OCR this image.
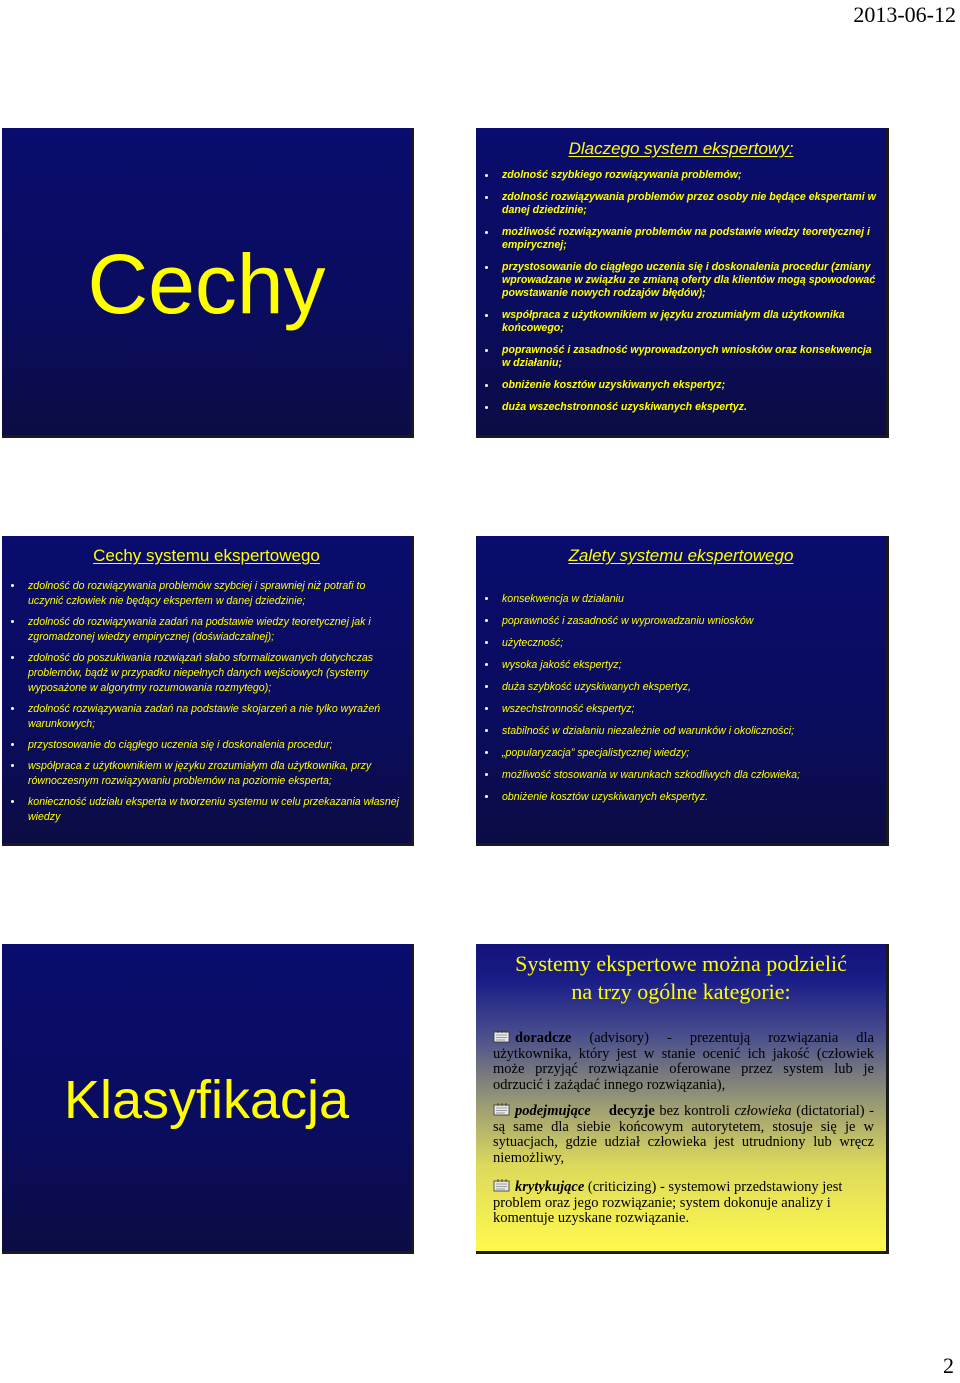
2013-06-12
Cechy
Dlaczego system ekspertowy:
zdolność szybkiego rozwiązywania problemów;
zdolność rozwiązywania problemów przez osoby nie będące ekspertami w danej dziedzinie;
możliwość rozwiązywanie problemów na podstawie wiedzy teoretycznej i empirycznej;
przystosowanie do ciągłego uczenia się i doskonalenia procedur (zmiany wprowadzane w związku ze zmianą oferty dla klientów mogą spowodować powstawanie nowych rodzajów błędów);
współpraca z użytkownikiem w języku zrozumiałym dla użytkownika końcowego;
poprawność i zasadność wyprowadzonych wniosków oraz konsekwencja w działaniu;
obniżenie kosztów uzyskiwanych ekspertyz;
duża wszechstronność uzyskiwanych ekspertyz.
Cechy systemu ekspertowego
zdolność do rozwiązywania problemów szybciej i sprawniej niż potrafi to uczynić człowiek nie będący ekspertem w danej dziedzinie;
zdolność do rozwiązywania zadań na podstawie wiedzy teoretycznej jak i zgromadzonej wiedzy empirycznej (doświadczalnej);
zdolność do poszukiwania rozwiązań słabo sformalizowanych dotychczas problemów, bądź w przypadku niepełnych danych wejściowych (systemy wyposażone w algorytmy rozumowania rozmytego);
zdolność rozwiązywania zadań na podstawie skojarzeń a nie tylko wyrażeń warunkowych;
przystosowanie do ciągłego uczenia się i doskonalenia procedur;
współpraca z użytkownikiem w języku zrozumiałym dla użytkownika, przy równoczesnym rozwiązywaniu problemów na poziomie eksperta;
konieczność udziału eksperta w tworzeniu systemu w celu przekazania własnej wiedzy
Zalety systemu ekspertowego
konsekwencja w działaniu
poprawność i zasadność w wyprowadzaniu wniosków
użyteczność;
wysoka jakość ekspertyz;
duża szybkość uzyskiwanych ekspertyz,
wszechstronność ekspertyz;
stabilność w działaniu niezależnie od warunków i okoliczności;
„popularyzacja” specjalistycznej wiedzy;
możliwość stosowania w warunkach szkodliwych dla człowieka;
obniżenie kosztów uzyskiwanych ekspertyz.
Klasyfikacja
Systemy ekspertowe można podzielić
na trzy ogólne kategorie:
doradcze (advisory) - prezentują rozwiązania dla użytkownika, który jest w stanie ocenić ich jakość (człowiek może przyjąć rozwiązanie oferowane przez system lub je odrzucić i zażądać innego rozwiązania),
podejmujące decyzje bez kontroli człowieka (dictatorial) - są same dla siebie końcowym autorytetem, stosuje się je w sytuacjach, gdzie udział człowieka jest utrudniony lub wręcz niemożliwy,
krytykujące (criticizing) - systemowi przedstawiony jest problem oraz jego rozwiązanie; system dokonuje analizy i komentuje uzyskane rozwiązanie.
2
